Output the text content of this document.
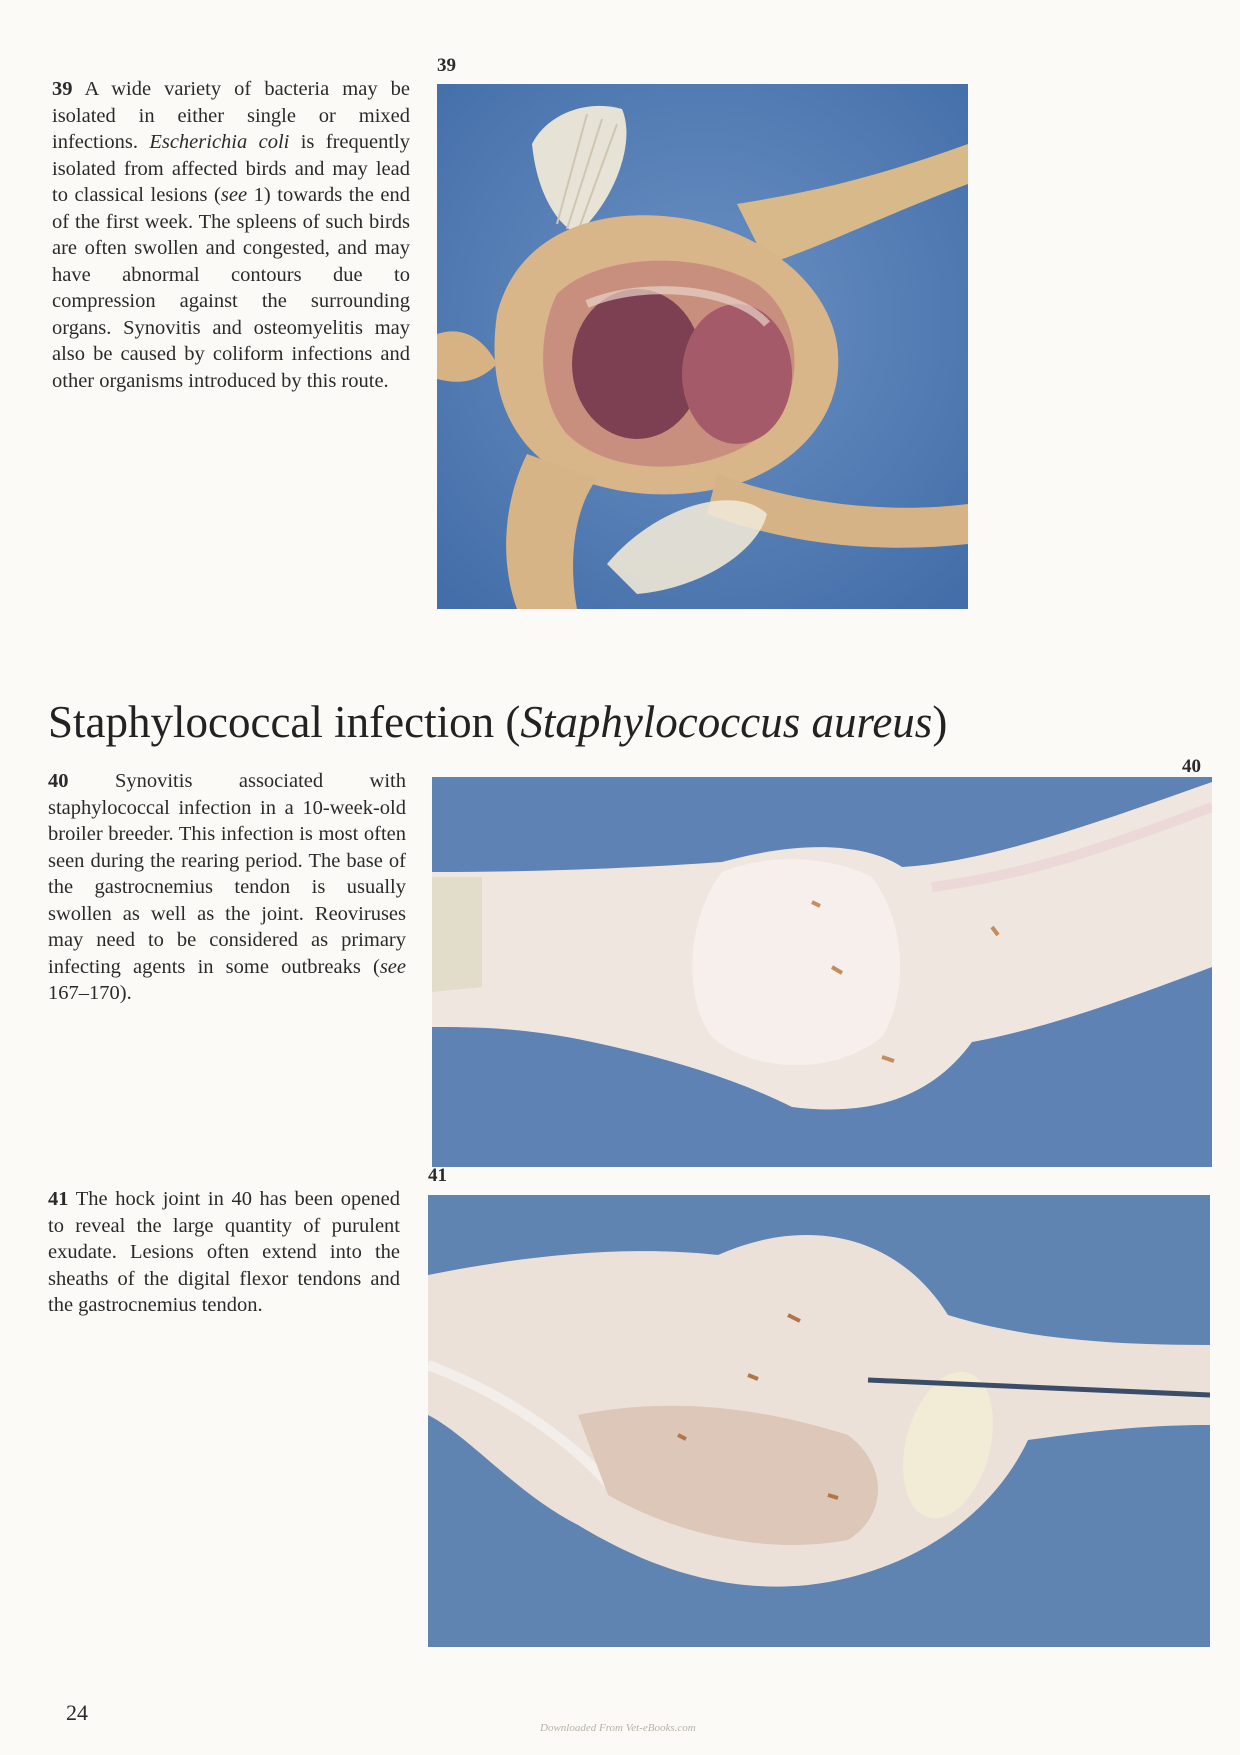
39 A wide variety of bacteria may be isolated in either single or mixed infections. Escherichia coli is frequently isolated from affected birds and may lead to classical lesions (see 1) towards the end of the first week. The spleens of such birds are often swollen and congested, and may have abnormal contours due to compression against the surrounding organs. Synovitis and osteomyelitis may also be caused by coliform infections and other organisms introduced by this route.

39
Staphylococcal infection (Staphylococcus aureus)

40 Synovitis associated with staphylococcal infection in a 10-week-old broiler breeder. This infection is most often seen during the rearing period. The base of the gastrocnemius tendon is usually swollen as well as the joint. Reoviruses may need to be considered as primary infecting agents in some outbreaks (see 167–170).

40

41 The hock joint in 40 has been opened to reveal the large quantity of purulent exudate. Lesions often extend into the sheaths of the digital flexor tendons and the gastrocnemius tendon.

41
24
Downloaded From Vet-eBooks.com
